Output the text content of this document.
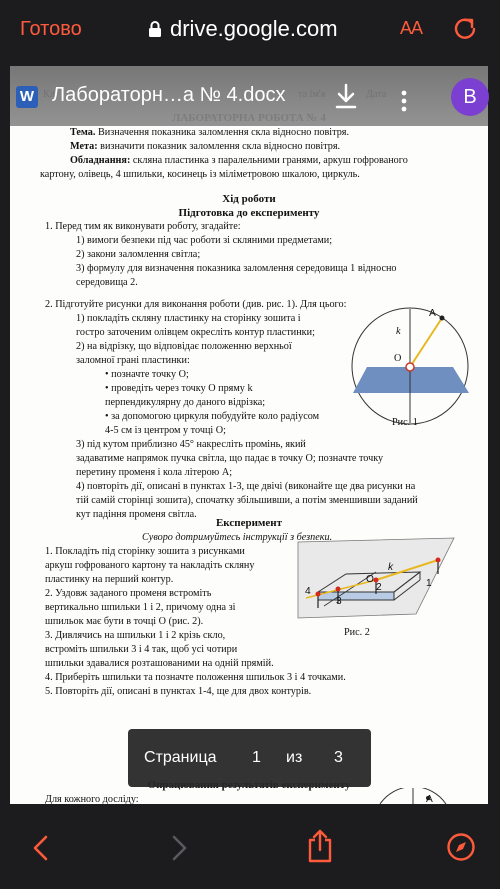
Готово	drive.google.com	AA
Тема. Визначення показника заломлення скла відносно повітря.
Мета: визначити показник заломлення скла відносно повітря.
Обладнання: скляна пластинка з паралельними гранями, аркуш гофрованого
картону, олівець, 4 шпильки, косинець із міліметровою шкалою, циркуль.
Хід роботи
Підготовка до експерименту
1. Перед тим як виконувати роботу, згадайте:
1) вимоги безпеки під час роботи зі скляними предметами;
2) закони заломлення світла;
3) формулу для визначення показника заломлення середовища 1 відносно
середовища 2.
2. Підготуйте рисунки для виконання роботи (див. рис. 1). Для цього:
1) покладіть скляну пластинку на сторінку зошита і
гостро заточеним олівцем окресліть контур пластинки;
2) на відрізку, що відповідає положенню верхньої
заломної грані пластинки:
• позначте точку O;
• проведіть через точку O пряму k
перпендикулярну до даного відрізка;
• за допомогою циркуля побудуйте коло радіусом
4-5 см із центром у точці O;
3) під кутом приблизно 45° накресліть промінь, який
задаватиме напрямок пучка світла, що падає в точку O; позначте точку
перетину променя і кола літерою A;
4) повторіть дії, описані в пунктах 1-3, ще двічі (виконайте ще два рисунки на
тій самій сторінці зошита), спочатку збільшивши, а потім зменшивши заданий
кут падіння променя світла.
k
O
A
Рис. 1
Експеримент
Суворо дотримуйтесь інструкції з безпеки.
1. Покладіть під сторінку зошита з рисунками
аркуш гофрованого картону та накладіть скляну
пластинку на перший контур.
2. Уздовж заданого променя встроміть
вертикально шпильки 1 і 2, причому одна зі
шпильок має бути в точці O (рис. 2).
3. Дивлячись на шпильки 1 і 2 крізь скло,
встроміть шпильки 3 і 4 так, щоб усі чотири
шпильки здавалися розташованими на одній прямій.
4. Приберіть шпильки та позначте положення шпильок 3 і 4 точками.
5. Повторіть дії, описані в пунктах 1-4, ще для двох контурів.
k
O	1
2
3
4
Рис. 2
Для кожного досліду:	A
W Лабораторн…а № 4.docx	B
Страница 1 из 3
